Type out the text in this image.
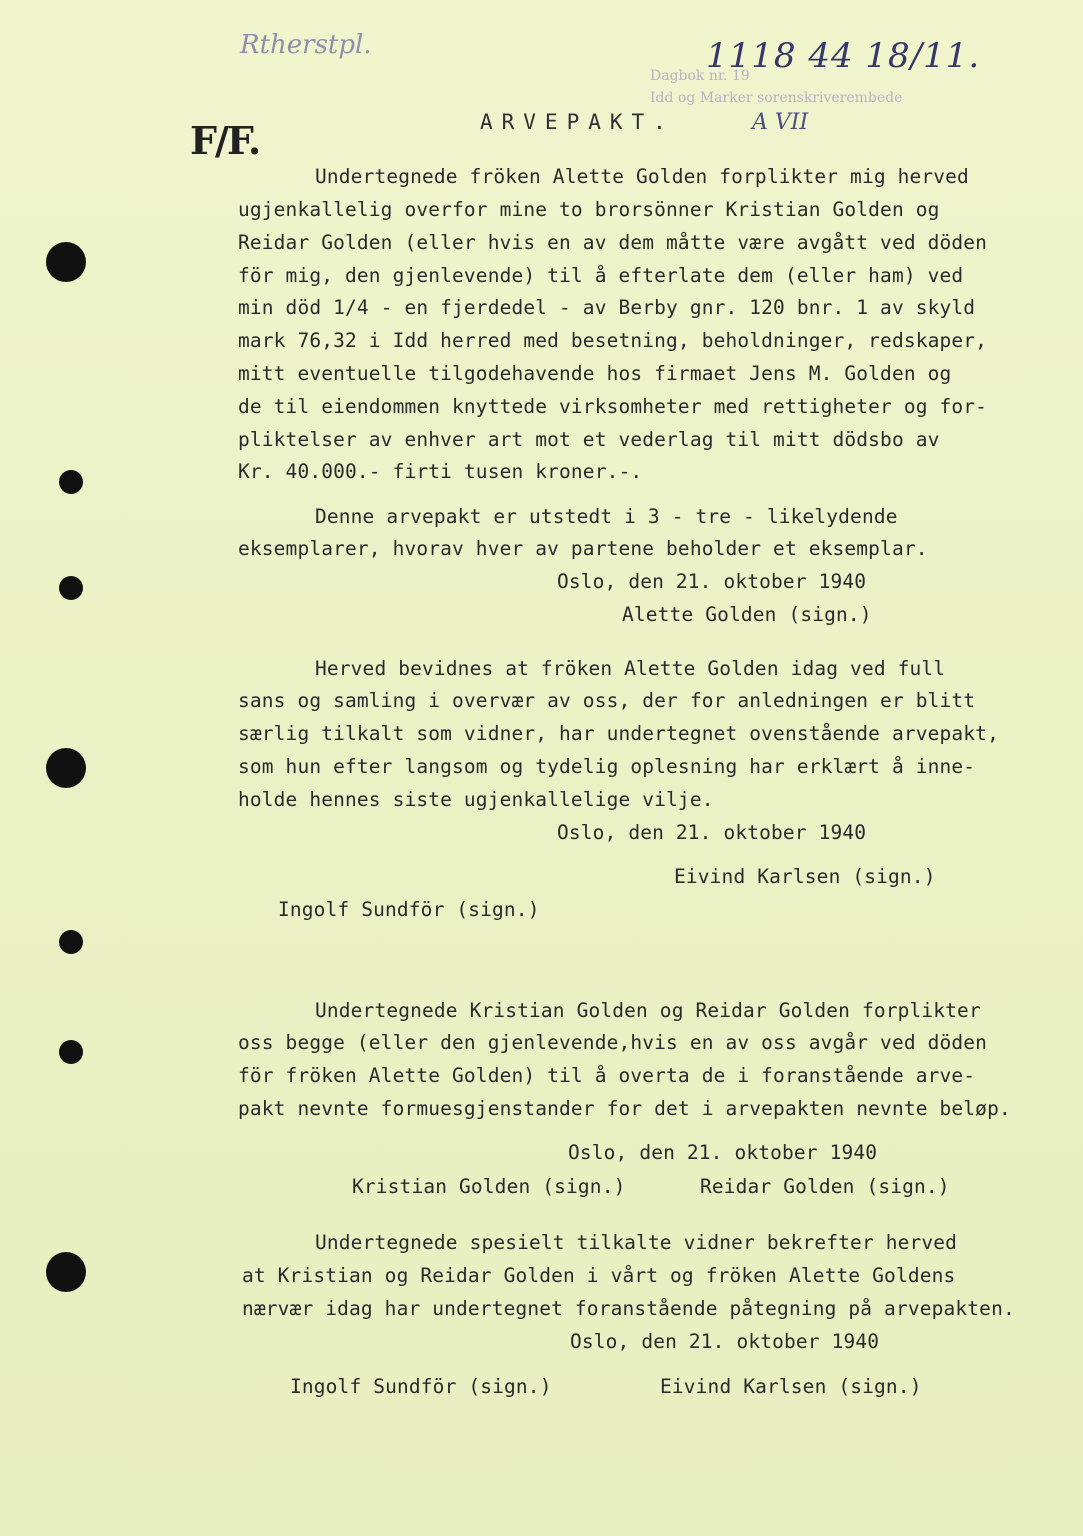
Rtherstpl.
F/F.
Dagbok nr. 19
Idd og Marker sorenskriverembede
1118 44 18/11.
ARVEPAKT.	A VII
Undertegnede fröken Alette Golden forplikter mig herved
ugjenkallelig overfor mine to brorsönner Kristian Golden og
Reidar Golden (eller hvis en av dem måtte være avgått ved döden
för mig, den gjenlevende) til å efterlate dem (eller ham) ved
min död 1/4 - en fjerdedel - av Berby gnr. 120 bnr. 1 av skyld
mark 76,32 i Idd herred med besetning, beholdninger, redskaper,
mitt eventuelle tilgodehavende hos firmaet Jens M. Golden og
de til eiendommen knyttede virksomheter med rettigheter og for-
pliktelser av enhver art mot et vederlag til mitt dödsbo av
Kr. 40.000.- firti tusen kroner.-.
Denne arvepakt er utstedt i 3 - tre - likelydende
eksemplarer, hvorav hver av partene beholder et eksemplar.
Oslo, den 21. oktober 1940
Alette Golden (sign.)
Herved bevidnes at fröken Alette Golden idag ved full
sans og samling i overvær av oss, der for anledningen er blitt
særlig tilkalt som vidner, har undertegnet ovenstående arvepakt,
som hun efter langsom og tydelig oplesning har erklært å inne-
holde hennes siste ugjenkallelige vilje.
Oslo, den 21. oktober 1940
Eivind Karlsen (sign.)
Ingolf Sundför (sign.)
Undertegnede Kristian Golden og Reidar Golden forplikter
oss begge (eller den gjenlevende,hvis en av oss avgår ved döden
för fröken Alette Golden) til å overta de i foranstående arve-
pakt nevnte formuesgjenstander for det i arvepakten nevnte beløp.
Oslo, den 21. oktober 1940
Kristian Golden (sign.)	Reidar Golden (sign.)
Undertegnede spesielt tilkalte vidner bekrefter herved
at Kristian og Reidar Golden i vårt og fröken Alette Goldens
nærvær idag har undertegnet foranstående påtegning på arvepakten.
Oslo, den 21. oktober 1940
Ingolf Sundför (sign.)	Eivind Karlsen (sign.)
